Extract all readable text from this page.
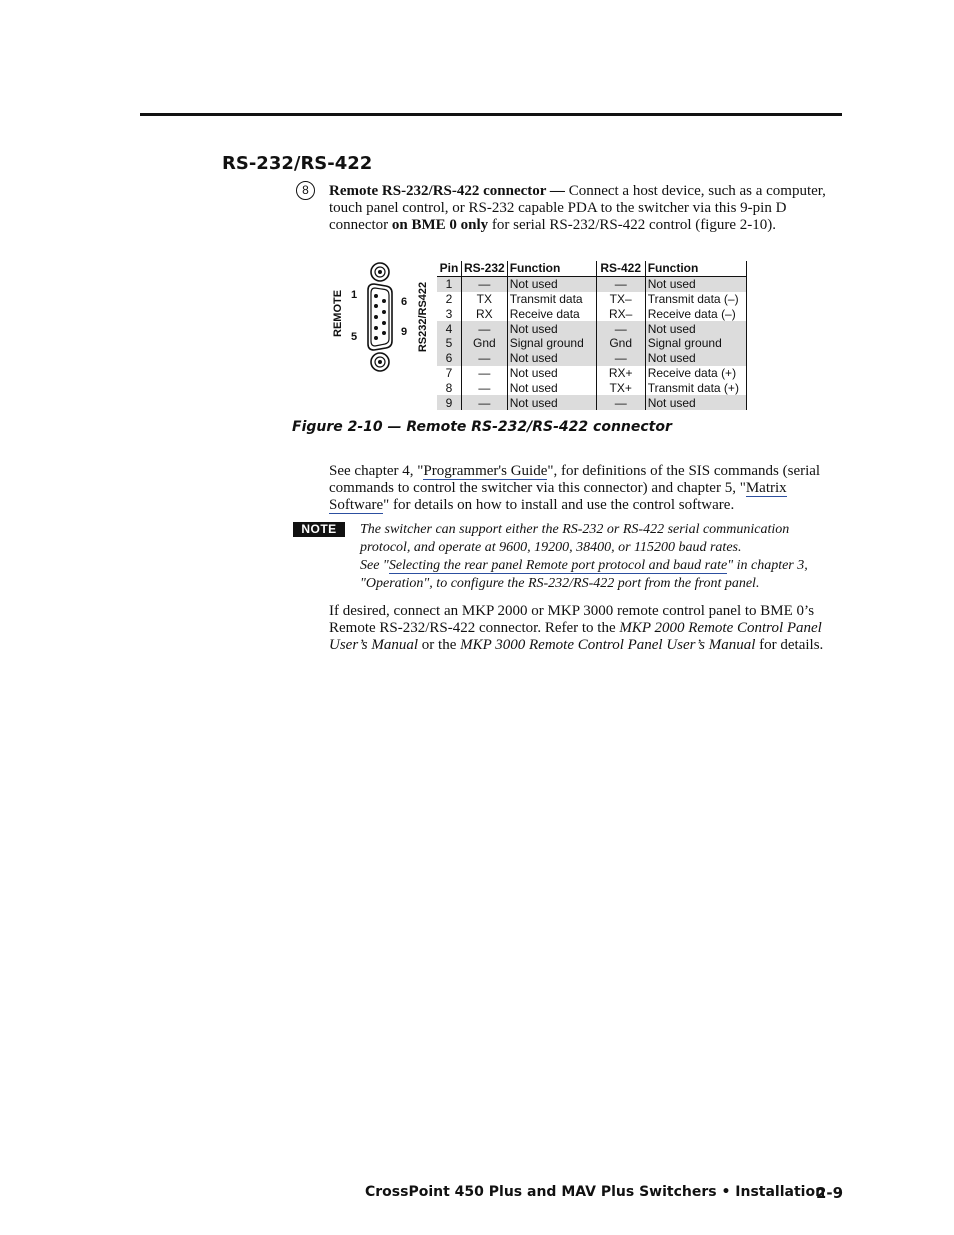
RS-232/RS-422
8	Remote RS-232/RS-422 connector — Connect a host device, such as a computer, touch panel control, or RS-232 capable PDA to the switcher via this 9-pin D connector on BME 0 only for serial RS-232/RS-422 control (figure 2-10).
REMOTE 1
5
6
9 RS232/RS422
Pin	RS-232	Function	RS-422	Function
1	—	Not used	—	Not used
2	TX	Transmit data	TX–	Transmit data (–)
3	RX	Receive data	RX–	Receive data (–)
4	—	Not used	—	Not used
5	Gnd	Signal ground	Gnd	Signal ground
6	—	Not used	—	Not used
7	—	Not used	RX+	Receive data (+)
8	—	Not used	TX+	Transmit data (+)
9	—	Not used	—	Not used
Figure 2-10 — Remote RS-232/RS-422 connector
See chapter 4, "Programmer's Guide", for definitions of the SIS commands (serial commands to control the switcher via this connector) and chapter 5, "Matrix Software" for details on how to install and use the control software.
NOTE	The switcher can support either the RS-232 or RS-422 serial communication protocol, and operate at 9600, 19200, 38400, or 115200 baud rates.
See "Selecting the rear panel Remote port protocol and baud rate" in chapter 3, "Operation", to configure the RS-232/RS-422 port from the front panel.
If desired, connect an MKP 2000 or MKP 3000 remote control panel to BME 0’s Remote RS-232/RS-422 connector. Refer to the MKP 2000 Remote Control Panel User’s Manual or the MKP 3000 Remote Control Panel User’s Manual for details.
CrossPoint 450 Plus and MAV Plus Switchers • Installation
2-9
